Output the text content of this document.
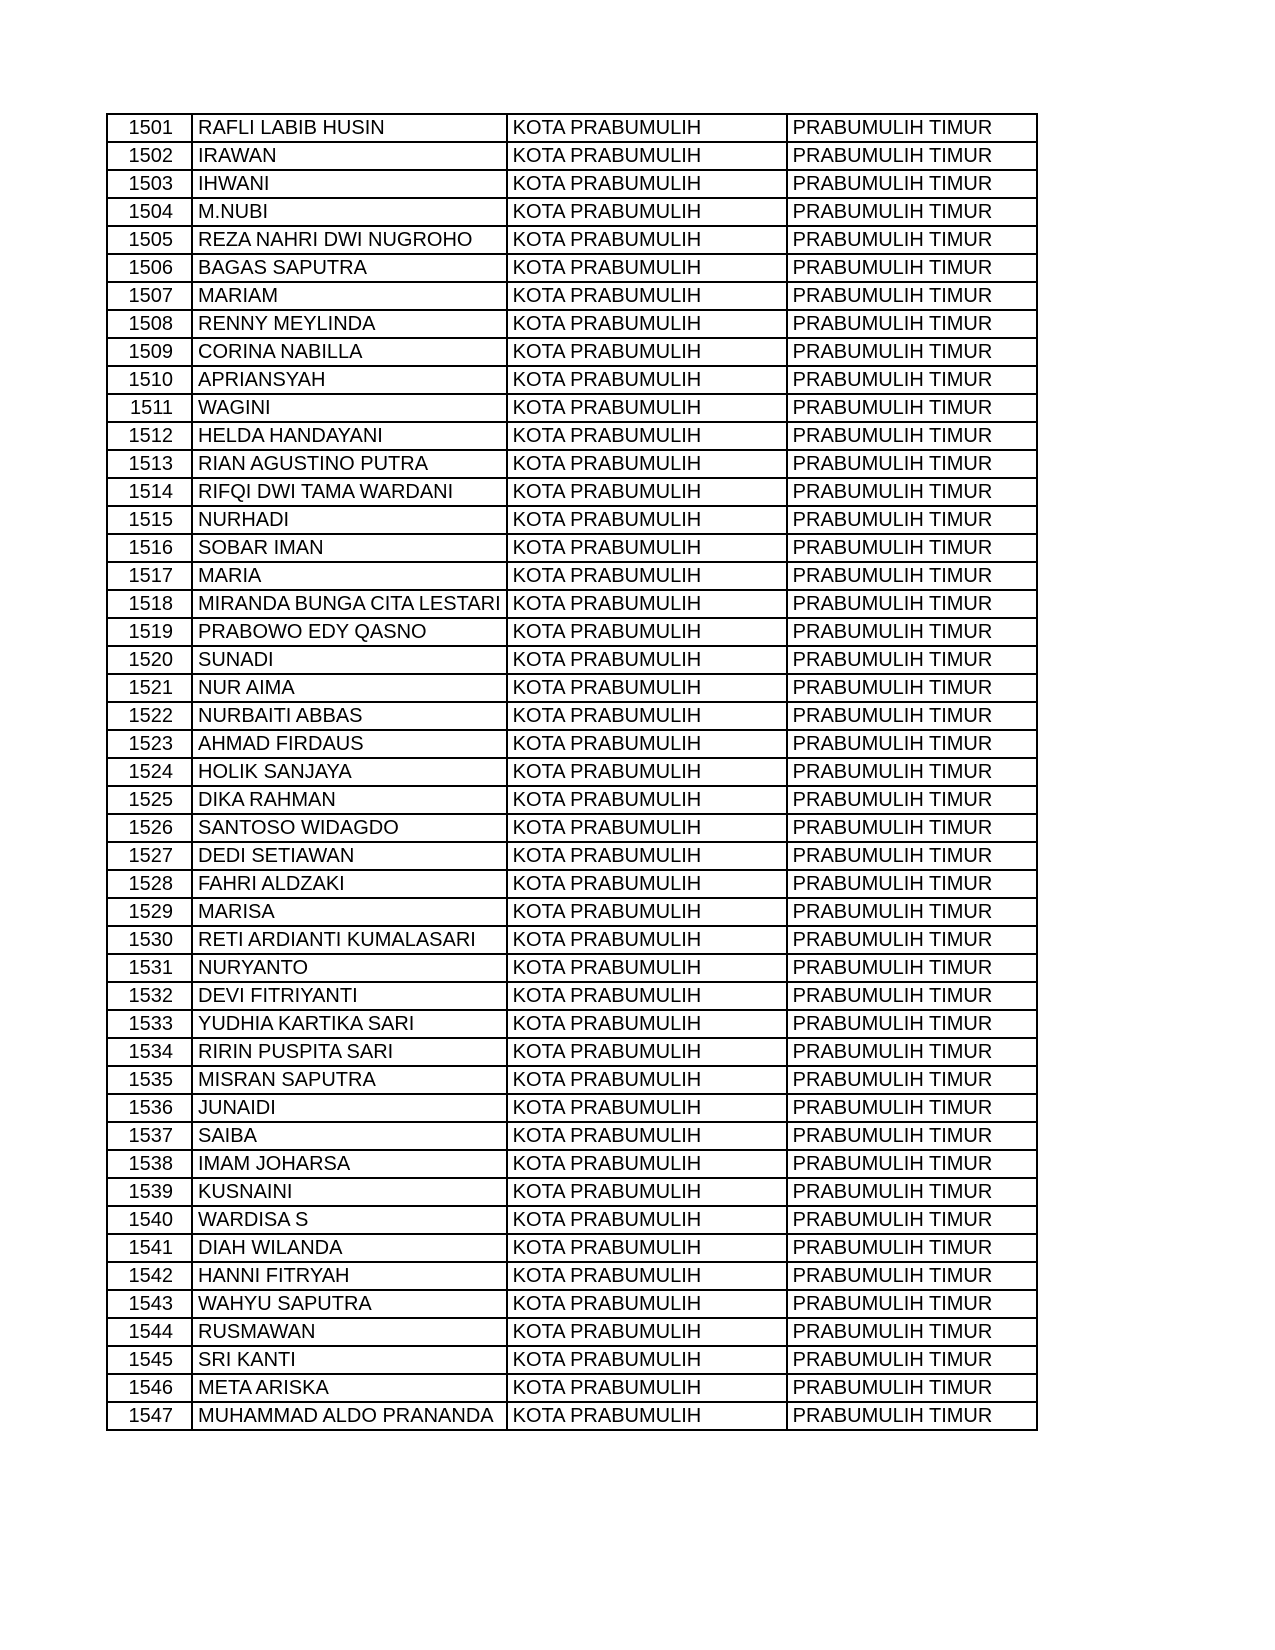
1501	RAFLI LABIB HUSIN	KOTA PRABUMULIH	PRABUMULIH TIMUR
1502	IRAWAN	KOTA PRABUMULIH	PRABUMULIH TIMUR
1503	IHWANI	KOTA PRABUMULIH	PRABUMULIH TIMUR
1504	M.NUBI	KOTA PRABUMULIH	PRABUMULIH TIMUR
1505	REZA NAHRI DWI NUGROHO	KOTA PRABUMULIH	PRABUMULIH TIMUR
1506	BAGAS SAPUTRA	KOTA PRABUMULIH	PRABUMULIH TIMUR
1507	MARIAM	KOTA PRABUMULIH	PRABUMULIH TIMUR
1508	RENNY MEYLINDA	KOTA PRABUMULIH	PRABUMULIH TIMUR
1509	CORINA NABILLA	KOTA PRABUMULIH	PRABUMULIH TIMUR
1510	APRIANSYAH	KOTA PRABUMULIH	PRABUMULIH TIMUR
1511	WAGINI	KOTA PRABUMULIH	PRABUMULIH TIMUR
1512	HELDA HANDAYANI	KOTA PRABUMULIH	PRABUMULIH TIMUR
1513	RIAN AGUSTINO PUTRA	KOTA PRABUMULIH	PRABUMULIH TIMUR
1514	RIFQI DWI TAMA WARDANI	KOTA PRABUMULIH	PRABUMULIH TIMUR
1515	NURHADI	KOTA PRABUMULIH	PRABUMULIH TIMUR
1516	SOBAR IMAN	KOTA PRABUMULIH	PRABUMULIH TIMUR
1517	MARIA	KOTA PRABUMULIH	PRABUMULIH TIMUR
1518	MIRANDA BUNGA CITA LESTARI	KOTA PRABUMULIH	PRABUMULIH TIMUR
1519	PRABOWO EDY QASNO	KOTA PRABUMULIH	PRABUMULIH TIMUR
1520	SUNADI	KOTA PRABUMULIH	PRABUMULIH TIMUR
1521	NUR AIMA	KOTA PRABUMULIH	PRABUMULIH TIMUR
1522	NURBAITI ABBAS	KOTA PRABUMULIH	PRABUMULIH TIMUR
1523	AHMAD FIRDAUS	KOTA PRABUMULIH	PRABUMULIH TIMUR
1524	HOLIK SANJAYA	KOTA PRABUMULIH	PRABUMULIH TIMUR
1525	DIKA RAHMAN	KOTA PRABUMULIH	PRABUMULIH TIMUR
1526	SANTOSO WIDAGDO	KOTA PRABUMULIH	PRABUMULIH TIMUR
1527	DEDI SETIAWAN	KOTA PRABUMULIH	PRABUMULIH TIMUR
1528	FAHRI ALDZAKI	KOTA PRABUMULIH	PRABUMULIH TIMUR
1529	MARISA	KOTA PRABUMULIH	PRABUMULIH TIMUR
1530	RETI ARDIANTI KUMALASARI	KOTA PRABUMULIH	PRABUMULIH TIMUR
1531	NURYANTO	KOTA PRABUMULIH	PRABUMULIH TIMUR
1532	DEVI FITRIYANTI	KOTA PRABUMULIH	PRABUMULIH TIMUR
1533	YUDHIA KARTIKA SARI	KOTA PRABUMULIH	PRABUMULIH TIMUR
1534	RIRIN PUSPITA SARI	KOTA PRABUMULIH	PRABUMULIH TIMUR
1535	MISRAN SAPUTRA	KOTA PRABUMULIH	PRABUMULIH TIMUR
1536	JUNAIDI	KOTA PRABUMULIH	PRABUMULIH TIMUR
1537	SAIBA	KOTA PRABUMULIH	PRABUMULIH TIMUR
1538	IMAM JOHARSA	KOTA PRABUMULIH	PRABUMULIH TIMUR
1539	KUSNAINI	KOTA PRABUMULIH	PRABUMULIH TIMUR
1540	WARDISA S	KOTA PRABUMULIH	PRABUMULIH TIMUR
1541	DIAH WILANDA	KOTA PRABUMULIH	PRABUMULIH TIMUR
1542	HANNI FITRYAH	KOTA PRABUMULIH	PRABUMULIH TIMUR
1543	WAHYU SAPUTRA	KOTA PRABUMULIH	PRABUMULIH TIMUR
1544	RUSMAWAN	KOTA PRABUMULIH	PRABUMULIH TIMUR
1545	SRI KANTI	KOTA PRABUMULIH	PRABUMULIH TIMUR
1546	META ARISKA	KOTA PRABUMULIH	PRABUMULIH TIMUR
1547	MUHAMMAD ALDO PRANANDA	KOTA PRABUMULIH	PRABUMULIH TIMUR
